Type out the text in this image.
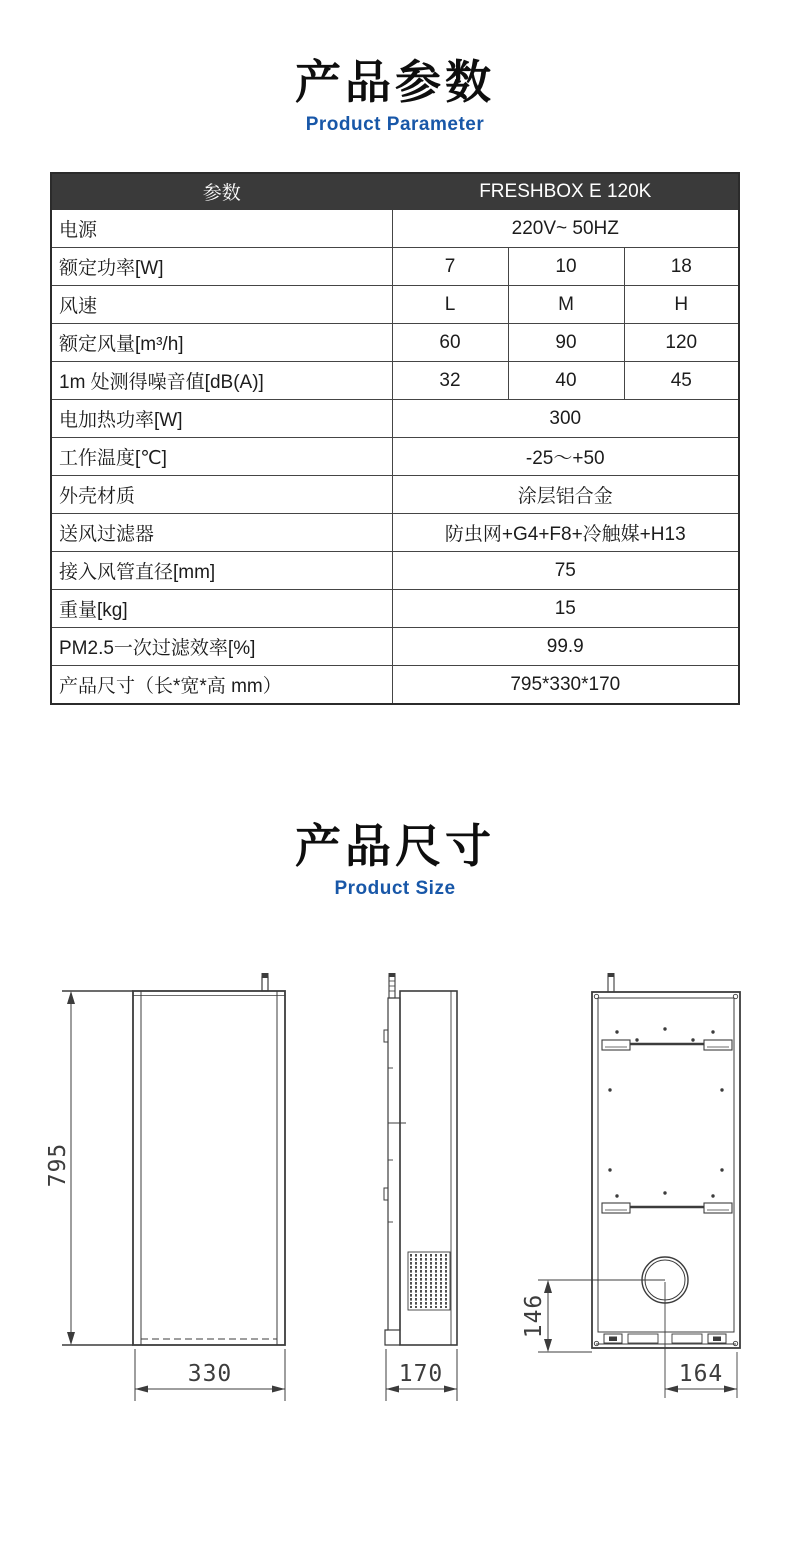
产品参数
Product Parameter
参数	FRESHBOX E 120K		
电源	220V~ 50HZ		
额定功率[W]	7	10	18
风速	L	M	H
额定风量[m³/h]	60	90	120
1m 处测得噪音值[dB(A)]	32	40	45
电加热功率[W]	300		
工作温度[℃]	-25～+50		
外壳材质	涂层铝合金		
送风过滤器	防虫网+G4+F8+冷触媒+H13		
接入风管直径[mm]	75		
重量[kg]	15		
PM2.5一次过滤效率[%]	99.9		
产品尺寸（长*宽*高 mm）	795*330*170		
产品尺寸
Product Size
795
330	170
146
164
